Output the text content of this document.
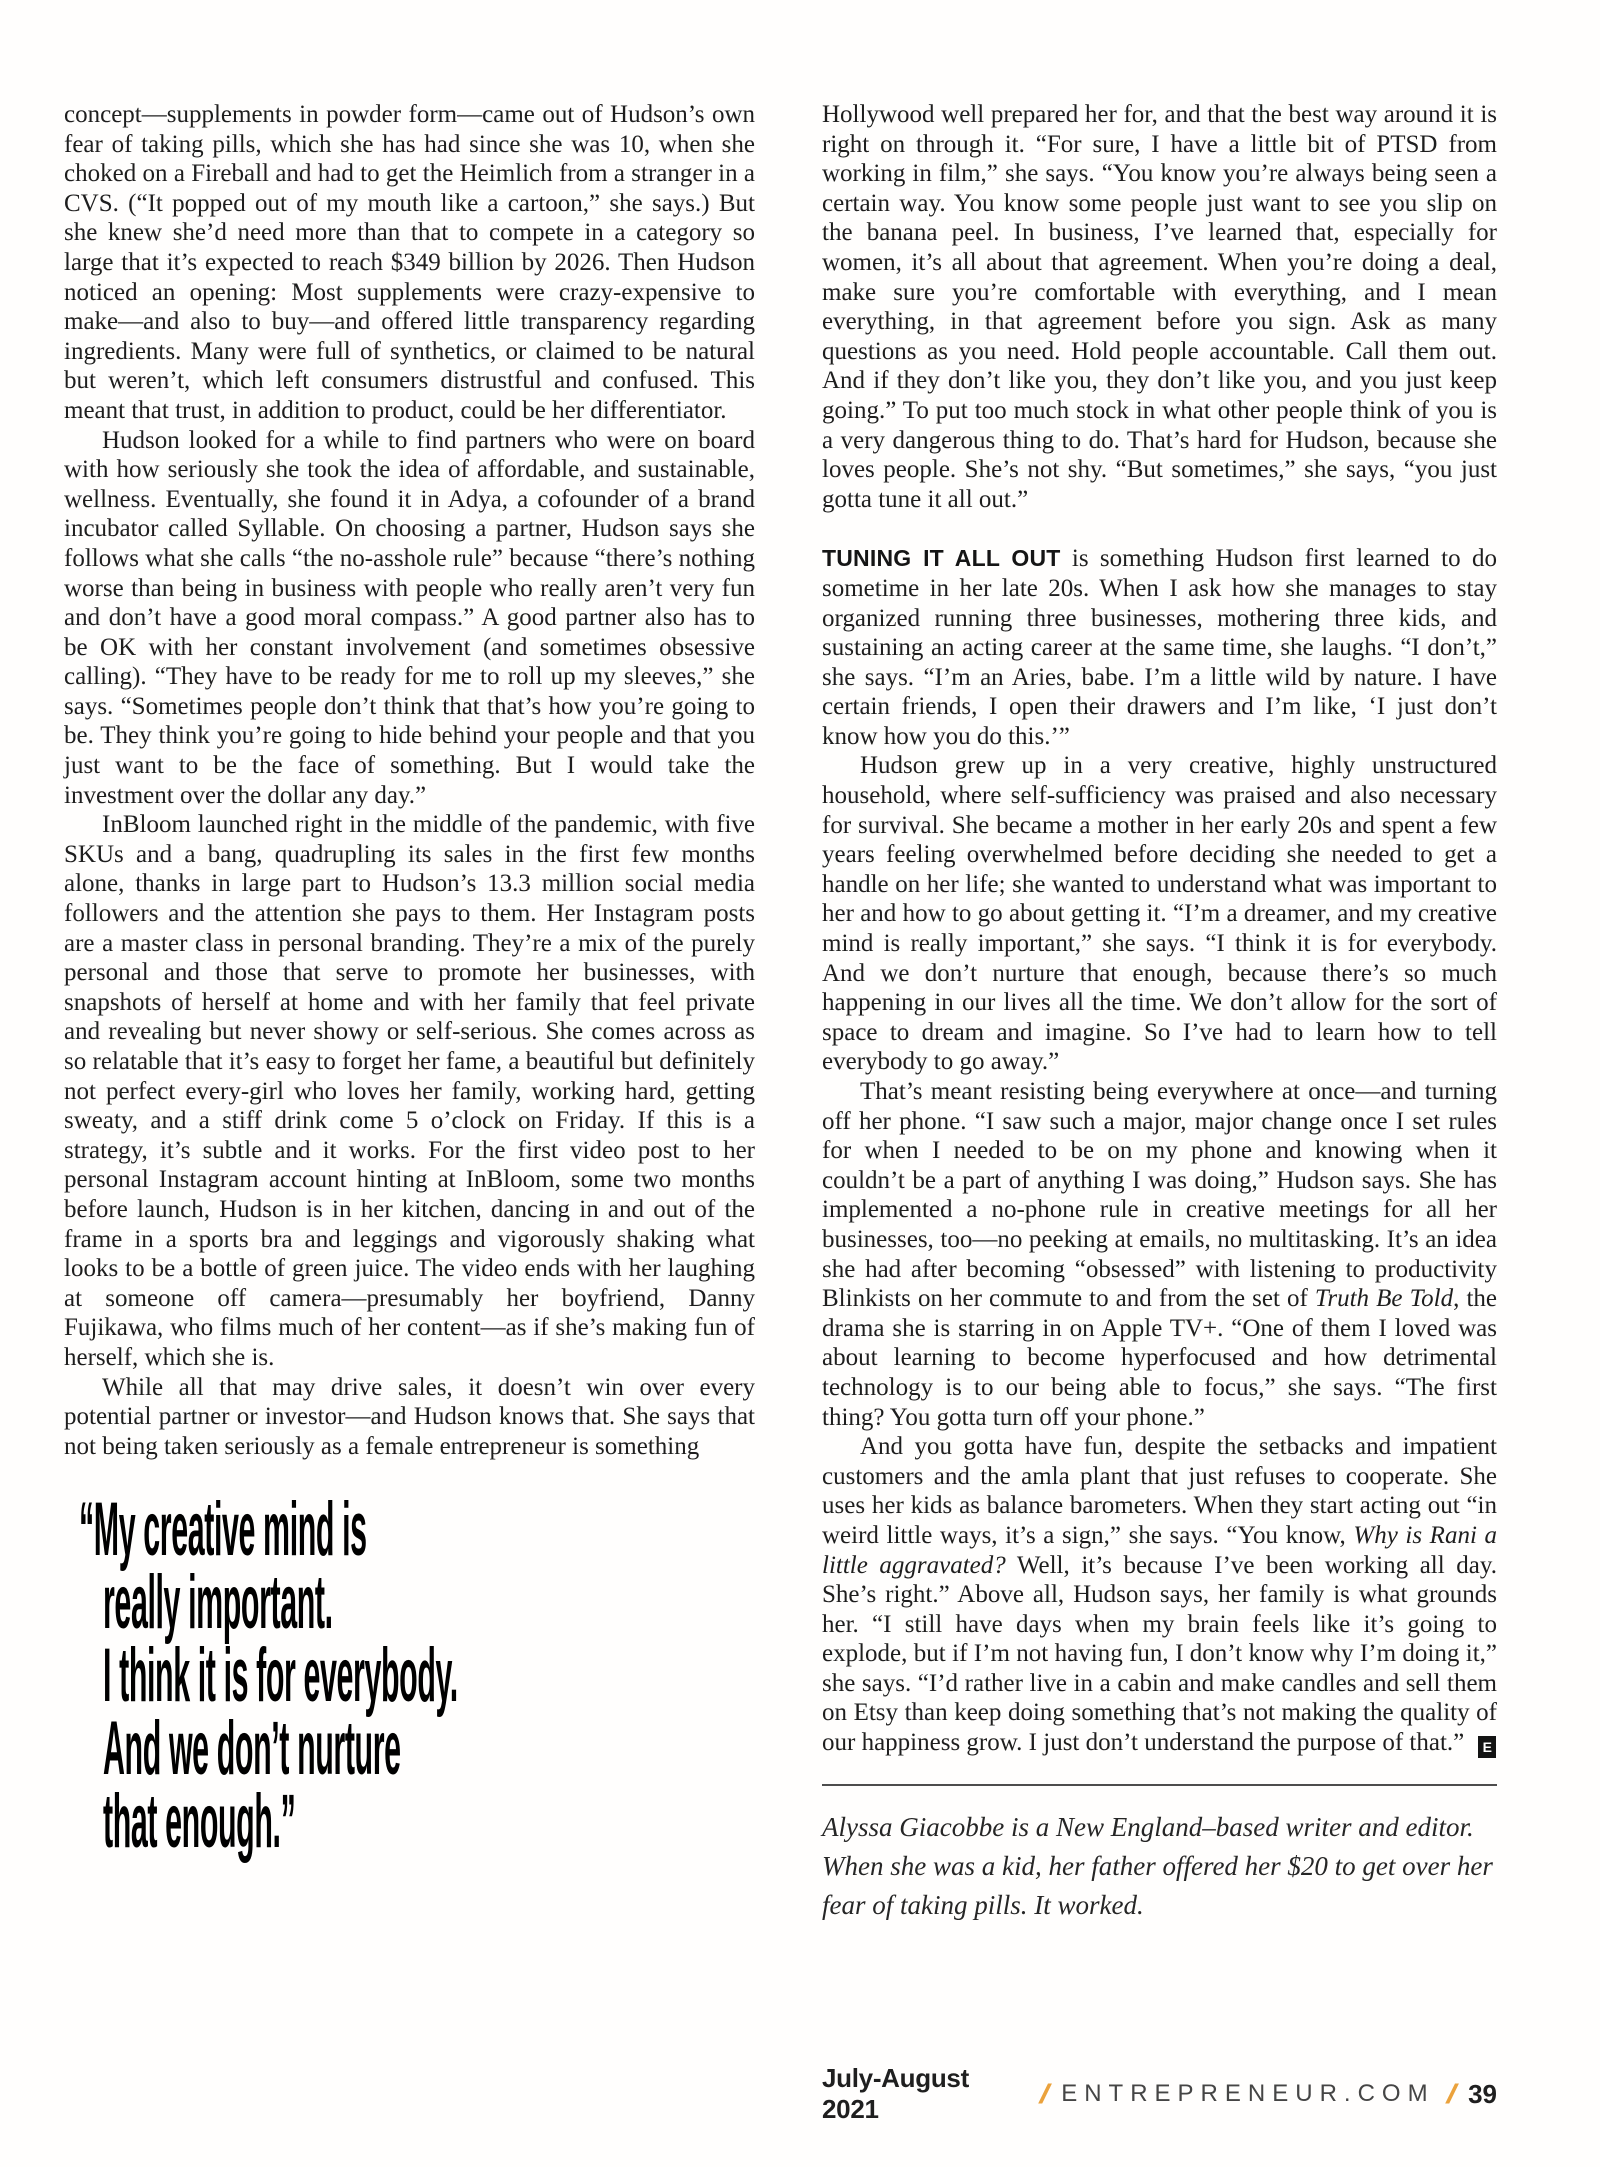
concept—supplements in powder form—came out of Hudson’s own fear of taking pills, which she has had since she was 10, when she choked on a Fireball and had to get the Heimlich from a stranger in a CVS. (“It popped out of my mouth like a cartoon,” she says.) But she knew she’d need more than that to compete in a category so large that it’s expected to reach $349 billion by 2026. Then Hudson noticed an opening: Most supplements were crazy-expensive to make—and also to buy—and offered little transparency regarding ingredients. Many were full of synthetics, or claimed to be natural but weren’t, which left consumers distrustful and confused. This meant that trust, in addition to product, could be her differentiator.

Hudson looked for a while to find partners who were on board with how seriously she took the idea of affordable, and sustainable, wellness. Eventually, she found it in Adya, a cofounder of a brand incubator called Syllable. On choosing a partner, Hudson says she follows what she calls “the no-asshole rule” because “there’s nothing worse than being in business with people who really aren’t very fun and don’t have a good moral compass.” A good partner also has to be OK with her constant involvement (and sometimes obsessive calling). “They have to be ready for me to roll up my sleeves,” she says. “Sometimes people don’t think that that’s how you’re going to be. They think you’re going to hide behind your people and that you just want to be the face of something. But I would take the investment over the dollar any day.”

InBloom launched right in the middle of the pandemic, with five SKUs and a bang, quadrupling its sales in the first few months alone, thanks in large part to Hudson’s 13.3 million social media followers and the attention she pays to them. Her Instagram posts are a master class in personal branding. They’re a mix of the purely personal and those that serve to promote her businesses, with snapshots of herself at home and with her family that feel private and revealing but never showy or self-serious. She comes across as so relatable that it’s easy to forget her fame, a beautiful but definitely not perfect every-girl who loves her family, working hard, getting sweaty, and a stiff drink come 5 o’clock on Friday. If this is a strategy, it’s subtle and it works. For the first video post to her personal Instagram account hinting at InBloom, some two months before launch, Hudson is in her kitchen, dancing in and out of the frame in a sports bra and leggings and vigorously shaking what looks to be a bottle of green juice. The video ends with her laughing at someone off camera—presumably her boyfriend, Danny Fujikawa, who films much of her content—as if she’s making fun of herself, which she is.

While all that may drive sales, it doesn’t win over every potential partner or investor—and Hudson knows that. She says that not being taken seriously as a female entrepreneur is something

“My creative mind is
really important.
I think it is for everybody.
And we don’t nurture
that enough.”

Hollywood well prepared her for, and that the best way around it is right on through it. “For sure, I have a little bit of PTSD from working in film,” she says. “You know you’re always being seen a certain way. You know some people just want to see you slip on the banana peel. In business, I’ve learned that, especially for women, it’s all about that agreement. When you’re doing a deal, make sure you’re comfortable with everything, and I mean everything, in that agreement before you sign. Ask as many questions as you need. Hold people accountable. Call them out. And if they don’t like you, they don’t like you, and you just keep going.” To put too much stock in what other people think of you is a very dangerous thing to do. That’s hard for Hudson, because she loves people. She’s not shy. “But sometimes,” she says, “you just gotta tune it all out.”

TUNING IT ALL OUT is something Hudson first learned to do sometime in her late 20s. When I ask how she manages to stay organized running three businesses, mothering three kids, and sustaining an acting career at the same time, she laughs. “I don’t,” she says. “I’m an Aries, babe. I’m a little wild by nature. I have certain friends, I open their drawers and I’m like, ‘I just don’t know how you do this.’”

Hudson grew up in a very creative, highly unstructured household, where self-sufficiency was praised and also necessary for survival. She became a mother in her early 20s and spent a few years feeling overwhelmed before deciding she needed to get a handle on her life; she wanted to understand what was important to her and how to go about getting it. “I’m a dreamer, and my creative mind is really important,” she says. “I think it is for everybody. And we don’t nurture that enough, because there’s so much happening in our lives all the time. We don’t allow for the sort of space to dream and imagine. So I’ve had to learn how to tell everybody to go away.”

That’s meant resisting being everywhere at once—and turning off her phone. “I saw such a major, major change once I set rules for when I needed to be on my phone and knowing when it couldn’t be a part of anything I was doing,” Hudson says. She has implemented a no-phone rule in creative meetings for all her businesses, too—no peeking at emails, no multitasking. It’s an idea she had after becoming “obsessed” with listening to productivity Blinkists on her commute to and from the set of Truth Be Told, the drama she is starring in on Apple TV+. “One of them I loved was about learning to become hyperfocused and how detrimental technology is to our being able to focus,” she says. “The first thing? You gotta turn off your phone.”

And you gotta have fun, despite the setbacks and impatient customers and the amla plant that just refuses to cooperate. She uses her kids as balance barometers. When they start acting out “in weird little ways, it’s a sign,” she says. “You know, Why is Rani a little aggravated? Well, it’s because I’ve been working all day. She’s right.” Above all, Hudson says, her family is what grounds her. “I still have days when my brain feels like it’s going to explode, but if I’m not having fun, I don’t know why I’m doing it,” she says. “I’d rather live in a cabin and make candles and sell them on Etsy than keep doing something that’s not making the quality of our happiness grow. I just don’t understand the purpose of that.” E

Alyssa Giacobbe is a New England–based writer and editor. When she was a kid, her father offered her $20 to get over her fear of taking pills. It worked.

July-August 2021
/ ENTREPRENEUR.COM / 39
